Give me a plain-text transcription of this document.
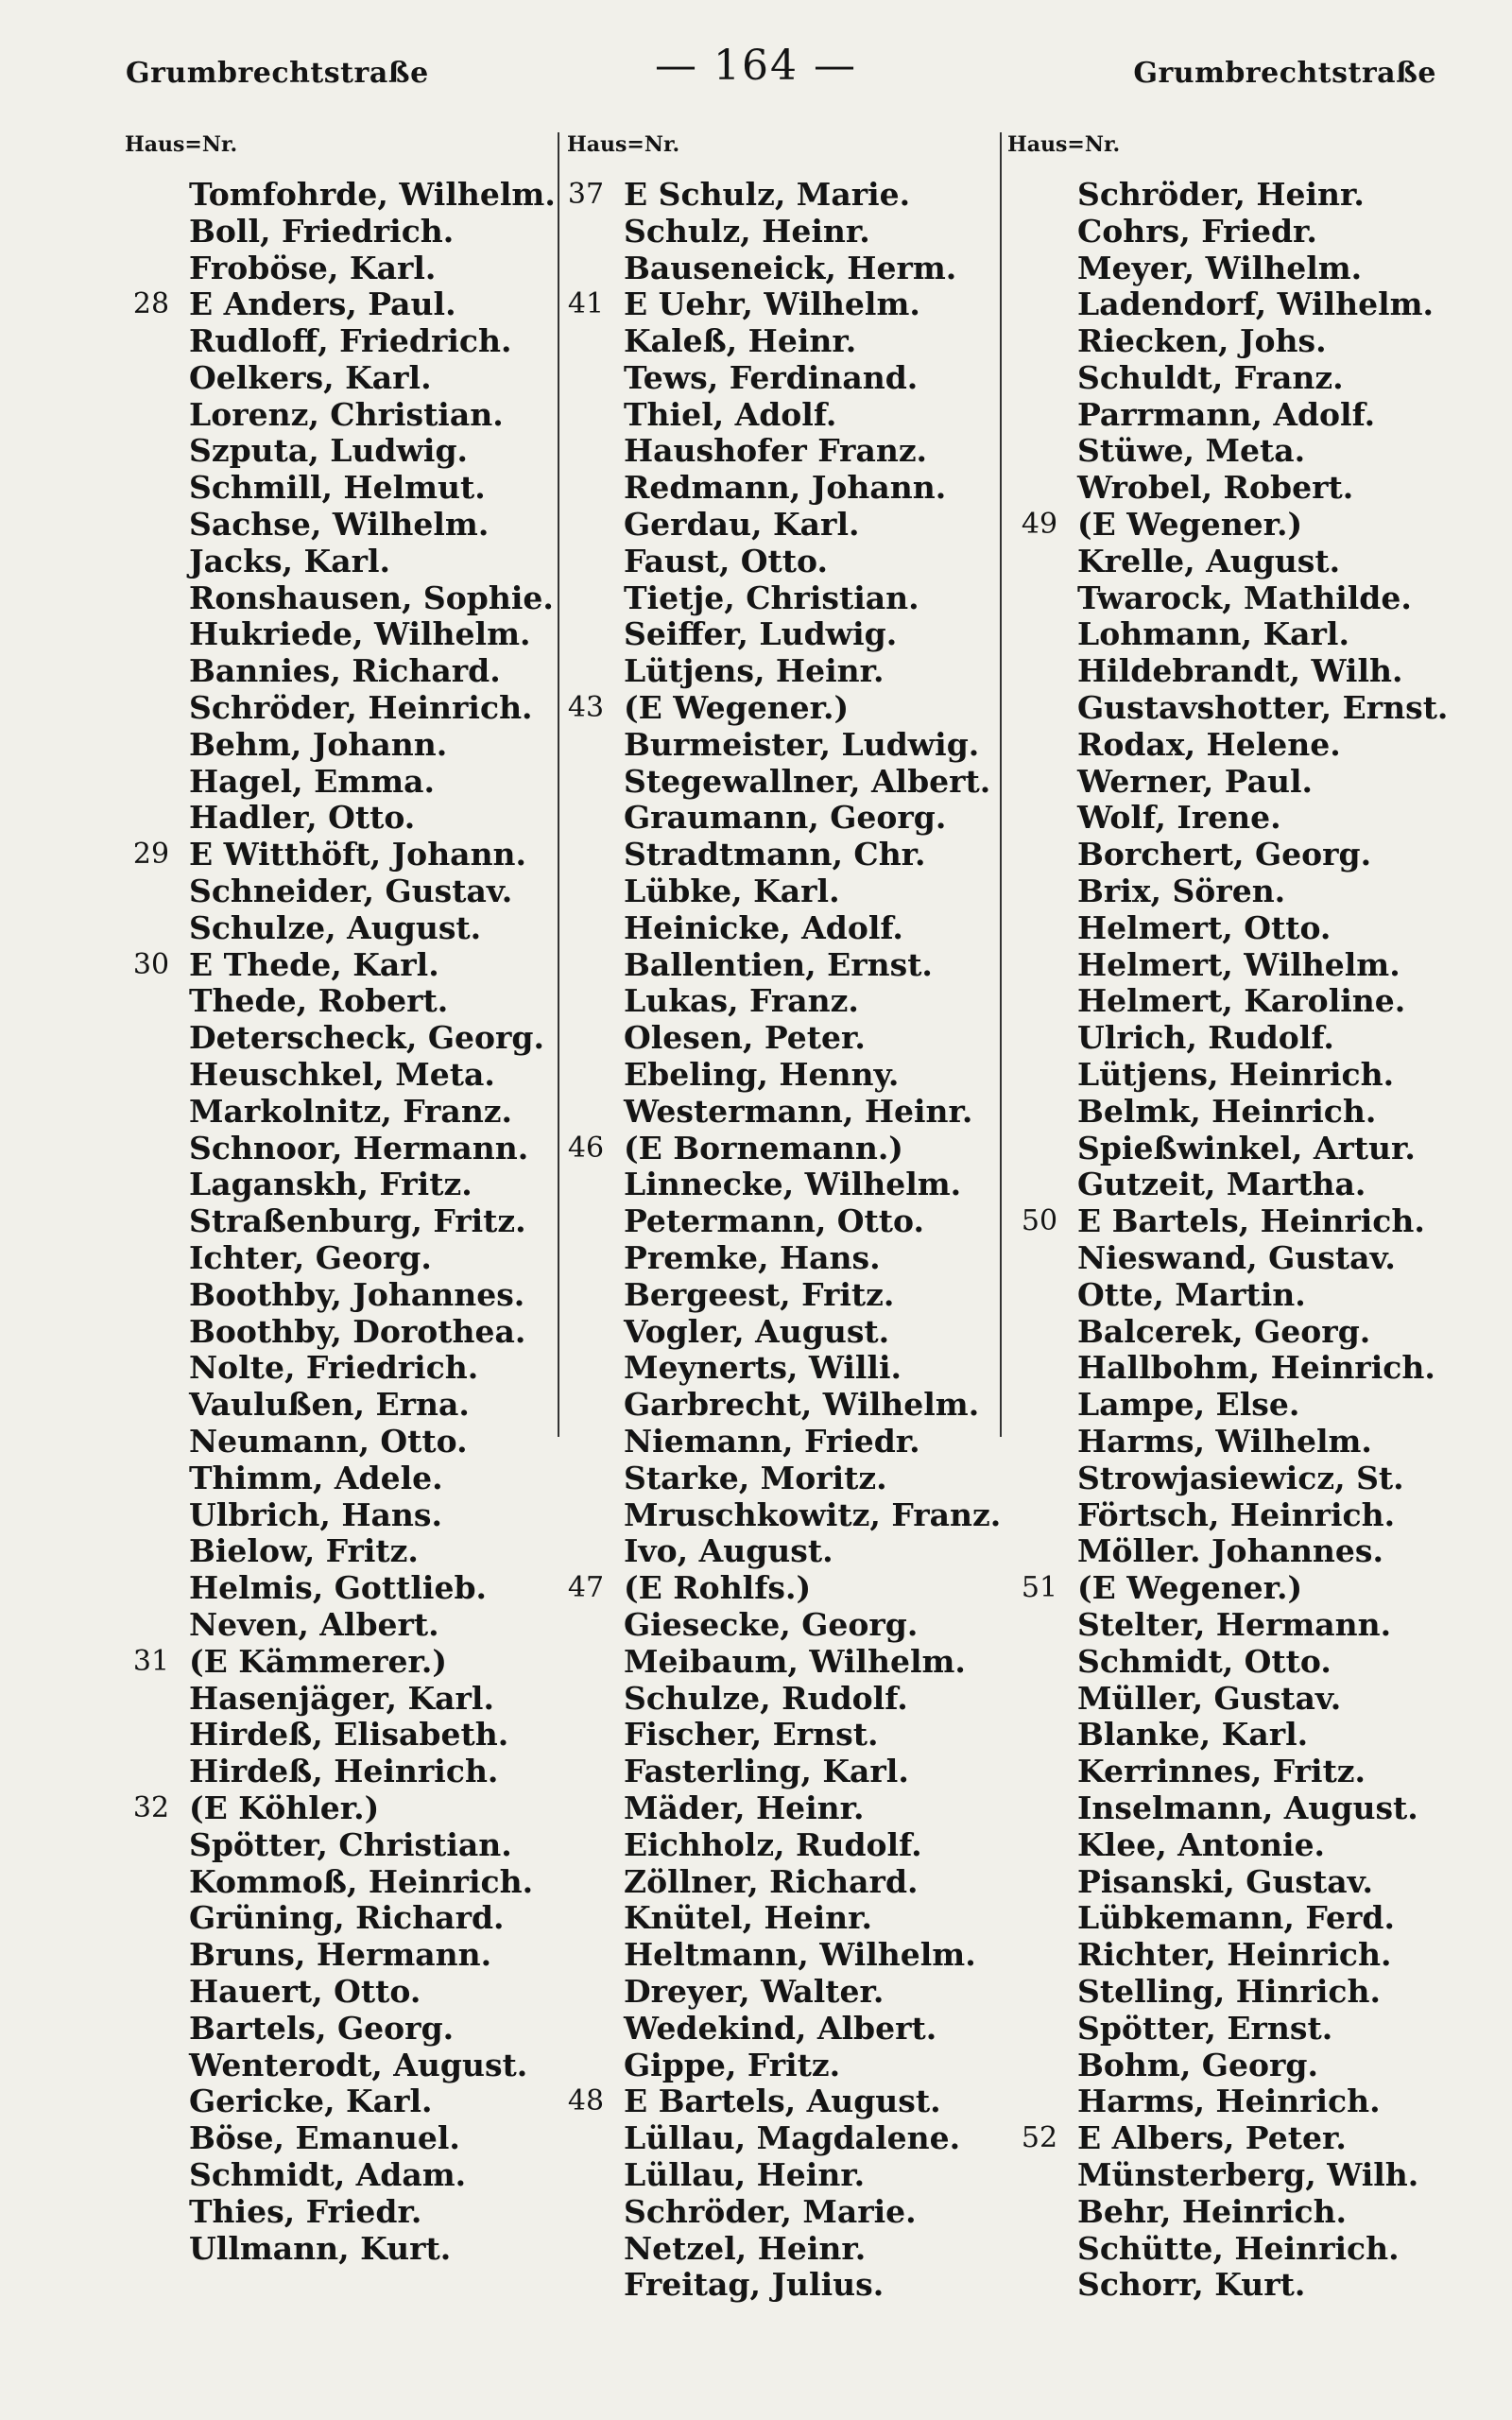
Grumbrechtstraße	— 164 —	Grumbrechtstraße
Haus=Nr.
Tomfohrde, Wilhelm.
Boll, Friedrich.
Froböse, Karl.
28 E Anders, Paul.
Rudloff, Friedrich.
Oelkers, Karl.
Lorenz, Christian.
Szputa, Ludwig.
Schmill, Helmut.
Sachse, Wilhelm.
Jacks, Karl.
Ronshausen, Sophie.
Hukriede, Wilhelm.
Bannies, Richard.
Schröder, Heinrich.
Behm, Johann.
Hagel, Emma.
Hadler, Otto.
29 E Witthöft, Johann.
Schneider, Gustav.
Schulze, August.
30 E Thede, Karl.
Thede, Robert.
Deterscheck, Georg.
Heuschkel, Meta.
Markolnitz, Franz.
Schnoor, Hermann.
Laganskh, Fritz.
Straßenburg, Fritz.
Ichter, Georg.
Boothby, Johannes.
Boothby, Dorothea.
Nolte, Friedrich.
Vaulußen, Erna.
Neumann, Otto.
Thimm, Adele.
Ulbrich, Hans.
Bielow, Fritz.
Helmis, Gottlieb.
Neven, Albert.
31 (E Kämmerer.)
Hasenjäger, Karl.
Hirdeß, Elisabeth.
Hirdeß, Heinrich.
32 (E Köhler.)
Spötter, Christian.
Kommoß, Heinrich.
Grüning, Richard.
Bruns, Hermann.
Hauert, Otto.
Bartels, Georg.
Wenterodt, August.
Gericke, Karl.
Böse, Emanuel.
Schmidt, Adam.
Thies, Friedr.
Ullmann, Kurt.
Haus=Nr.
37 E Schulz, Marie.
Schulz, Heinr.
Bauseneick, Herm.
41 E Uehr, Wilhelm.
Kaleß, Heinr.
Tews, Ferdinand.
Thiel, Adolf.
Haushofer Franz.
Redmann, Johann.
Gerdau, Karl.
Faust, Otto.
Tietje, Christian.
Seiffer, Ludwig.
Lütjens, Heinr.
43 (E Wegener.)
Burmeister, Ludwig.
Stegewallner, Albert.
Graumann, Georg.
Stradtmann, Chr.
Lübke, Karl.
Heinicke, Adolf.
Ballentien, Ernst.
Lukas, Franz.
Olesen, Peter.
Ebeling, Henny.
Westermann, Heinr.
46 (E Bornemann.)
Linnecke, Wilhelm.
Petermann, Otto.
Premke, Hans.
Bergeest, Fritz.
Vogler, August.
Meynerts, Willi.
Garbrecht, Wilhelm.
Niemann, Friedr.
Starke, Moritz.
Mruschkowitz, Franz.
Ivo, August.
47 (E Rohlfs.)
Giesecke, Georg.
Meibaum, Wilhelm.
Schulze, Rudolf.
Fischer, Ernst.
Fasterling, Karl.
Mäder, Heinr.
Eichholz, Rudolf.
Zöllner, Richard.
Knütel, Heinr.
Heltmann, Wilhelm.
Dreyer, Walter.
Wedekind, Albert.
Gippe, Fritz.
48 E Bartels, August.
Lüllau, Magdalene.
Lüllau, Heinr.
Schröder, Marie.
Netzel, Heinr.
Freitag, Julius.
Haus=Nr.
Schröder, Heinr.
Cohrs, Friedr.
Meyer, Wilhelm.
Ladendorf, Wilhelm.
Riecken, Johs.
Schuldt, Franz.
Parrmann, Adolf.
Stüwe, Meta.
Wrobel, Robert.
49 (E Wegener.)
Krelle, August.
Twarock, Mathilde.
Lohmann, Karl.
Hildebrandt, Wilh.
Gustavshotter, Ernst.
Rodax, Helene.
Werner, Paul.
Wolf, Irene.
Borchert, Georg.
Brix, Sören.
Helmert, Otto.
Helmert, Wilhelm.
Helmert, Karoline.
Ulrich, Rudolf.
Lütjens, Heinrich.
Belmk, Heinrich.
Spießwinkel, Artur.
Gutzeit, Martha.
50 E Bartels, Heinrich.
Nieswand, Gustav.
Otte, Martin.
Balcerek, Georg.
Hallbohm, Heinrich.
Lampe, Else.
Harms, Wilhelm.
Strowjasiewicz, St.
Förtsch, Heinrich.
Möller. Johannes.
51 (E Wegener.)
Stelter, Hermann.
Schmidt, Otto.
Müller, Gustav.
Blanke, Karl.
Kerrinnes, Fritz.
Inselmann, August.
Klee, Antonie.
Pisanski, Gustav.
Lübkemann, Ferd.
Richter, Heinrich.
Stelling, Hinrich.
Spötter, Ernst.
Bohm, Georg.
Harms, Heinrich.
52 E Albers, Peter.
Münsterberg, Wilh.
Behr, Heinrich.
Schütte, Heinrich.
Schorr, Kurt.
